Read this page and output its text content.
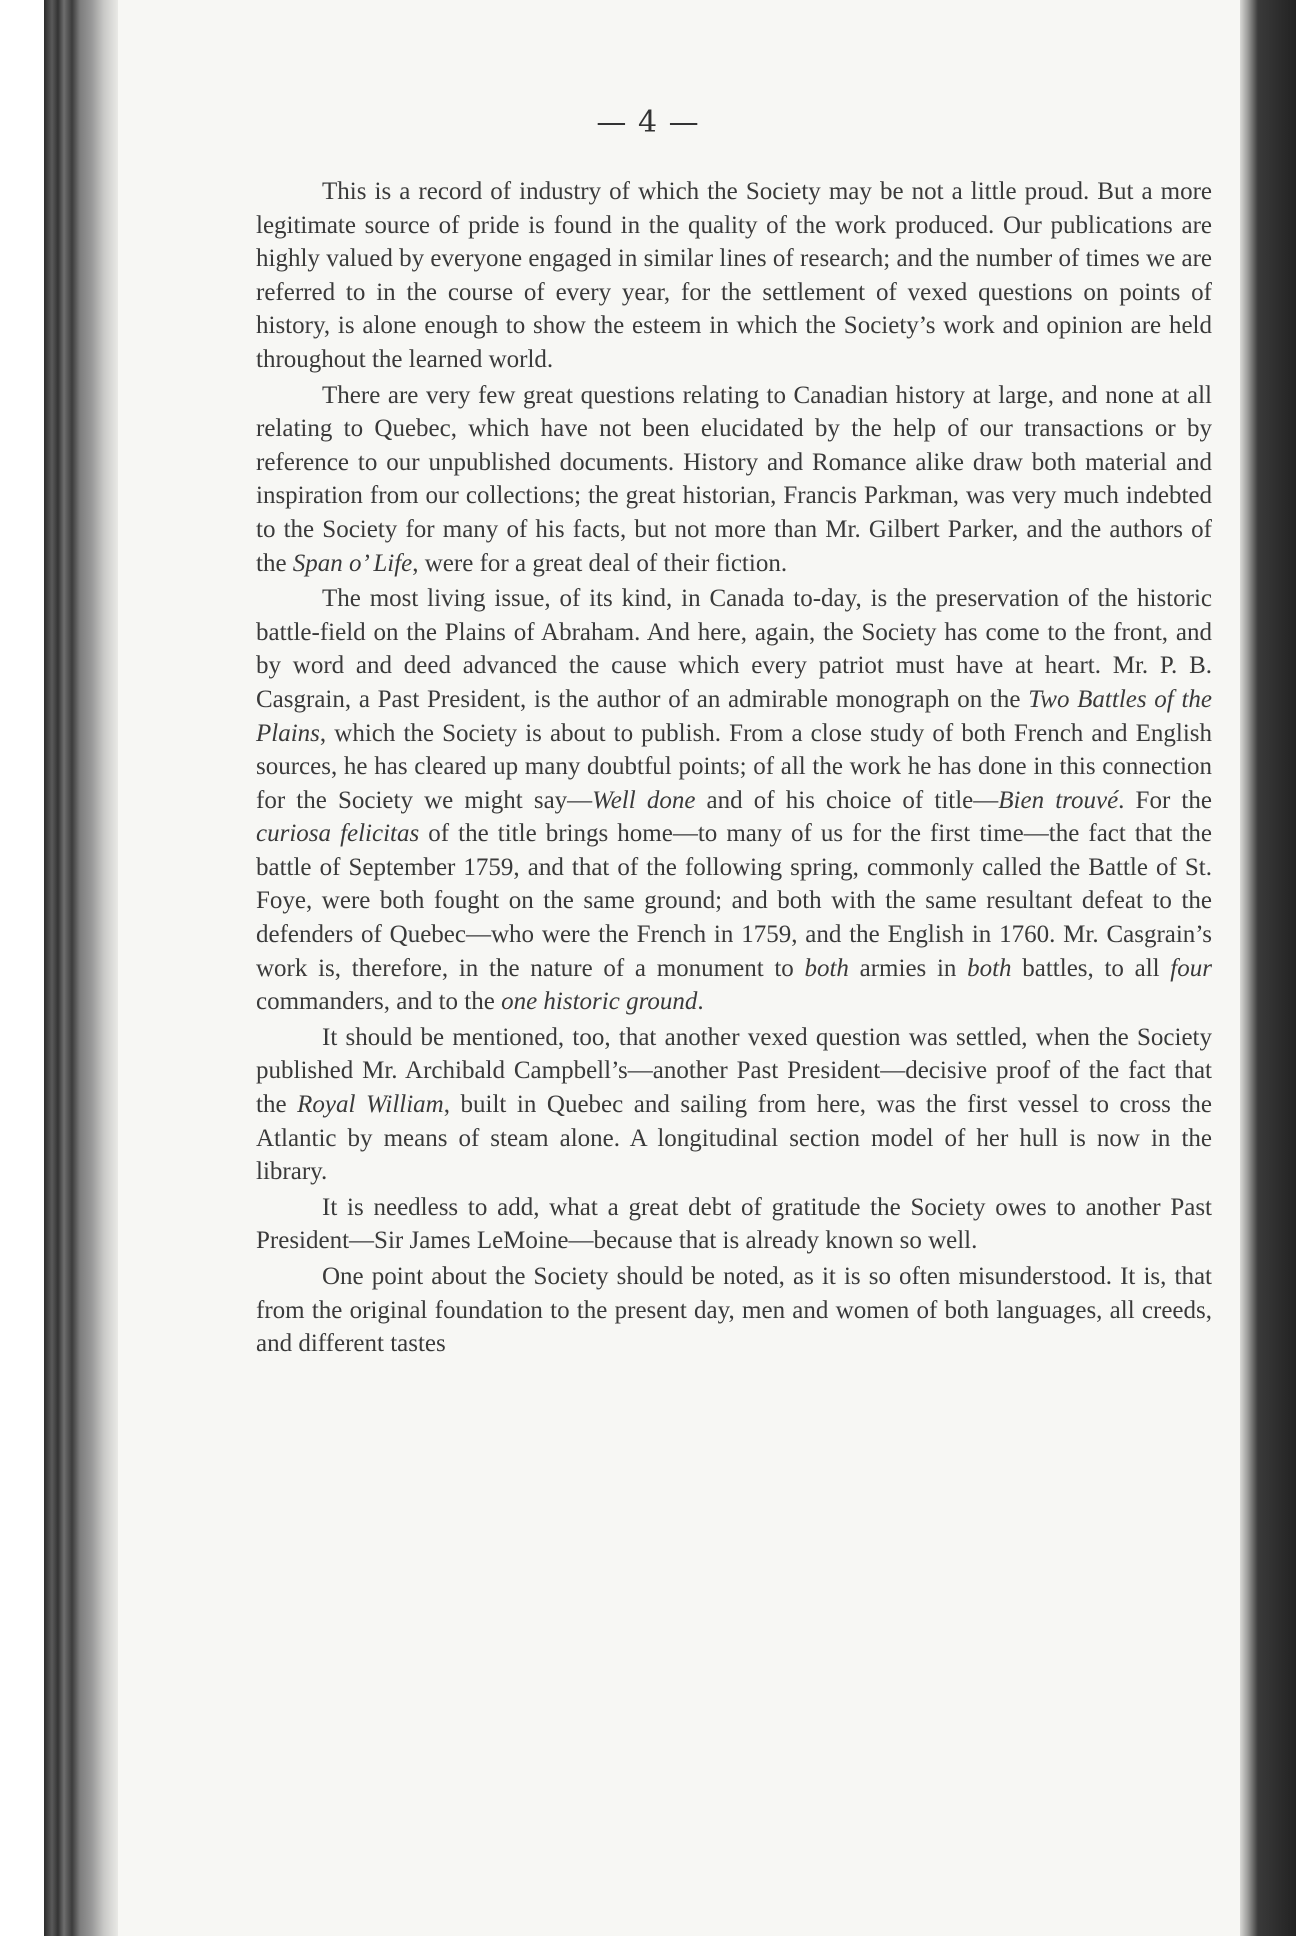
— 4 —

This is a record of industry of which the Society may be not a little proud. But a more legitimate source of pride is found in the quality of the work produced. Our publications are highly valued by everyone engaged in similar lines of research; and the number of times we are referred to in the course of every year, for the settlement of vexed questions on points of history, is alone enough to show the esteem in which the Society’s work and opinion are held throughout the learned world.

There are very few great questions relating to Canadian history at large, and none at all relating to Quebec, which have not been elucidated by the help of our transactions or by reference to our unpublished documents. History and Romance alike draw both material and inspiration from our collections; the great historian, Francis Parkman, was very much indebted to the Society for many of his facts, but not more than Mr. Gilbert Parker, and the authors of the Span o’ Life, were for a great deal of their fiction.

The most living issue, of its kind, in Canada to-day, is the preservation of the historic battle-field on the Plains of Abraham. And here, again, the Society has come to the front, and by word and deed advanced the cause which every patriot must have at heart. Mr. P. B. Casgrain, a Past President, is the author of an admirable monograph on the Two Battles of the Plains, which the Society is about to publish. From a close study of both French and English sources, he has cleared up many doubtful points; of all the work he has done in this connection for the Society we might say—Well done and of his choice of title—Bien trouvé. For the curiosa felicitas of the title brings home—to many of us for the first time—the fact that the battle of September 1759, and that of the following spring, commonly called the Battle of St. Foye, were both fought on the same ground; and both with the same resultant defeat to the defenders of Quebec—who were the French in 1759, and the English in 1760. Mr. Casgrain’s work is, therefore, in the nature of a monument to both armies in both battles, to all four commanders, and to the one historic ground.

It should be mentioned, too, that another vexed question was settled, when the Society published Mr. Archibald Campbell’s—another Past President—decisive proof of the fact that the Royal William, built in Quebec and sailing from here, was the first vessel to cross the Atlantic by means of steam alone. A longitudinal section model of her hull is now in the library.

It is needless to add, what a great debt of gratitude the Society owes to another Past President—Sir James LeMoine—because that is already known so well.

One point about the Society should be noted, as it is so often misunderstood. It is, that from the original foundation to the present day, men and women of both languages, all creeds, and different tastes
